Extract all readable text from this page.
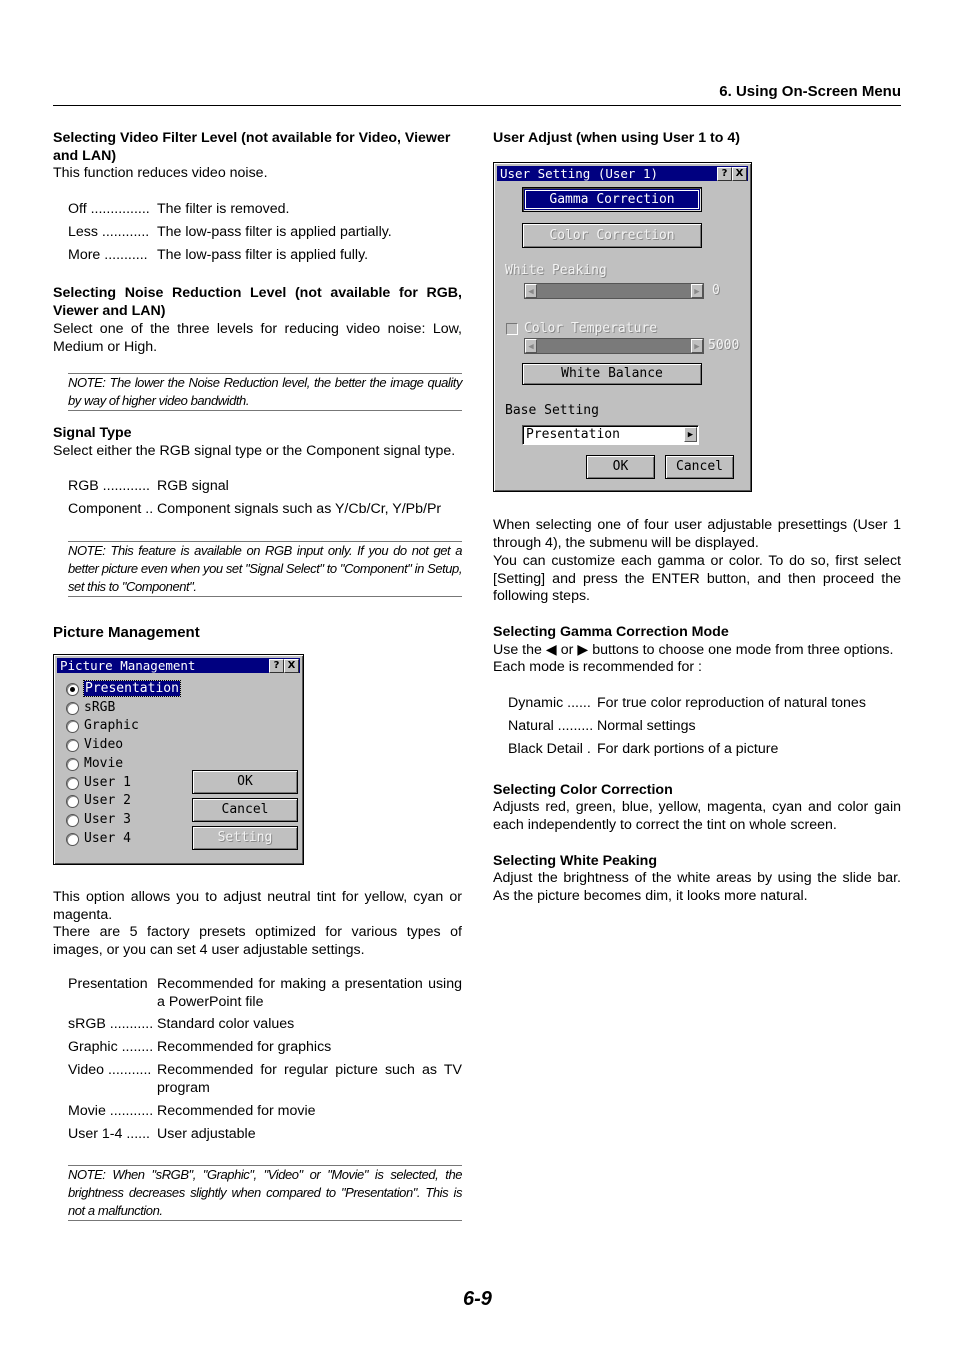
6. Using On-Screen Menu
Selecting Video Filter Level (not available for Video, Viewer and LAN)
This function reduces video noise.
Off ............... The filter is removed.
Less ............ The low-pass filter is applied partially.
More ........... The low-pass filter is applied fully.
Selecting Noise Reduction Level (not available for RGB, Viewer and LAN)
Select one of the three levels for reducing video noise: Low, Medium or High.
NOTE: The lower the Noise Reduction level, the better the image quality by way of higher video bandwidth.
Signal Type
Select either the RGB signal type or the Component signal type.
RGB ............ RGB signal
Component .. Component signals such as Y/Cb/Cr, Y/Pb/Pr
NOTE: This feature is available on RGB input only. If you do not get a better picture even when you set "Signal Select" to "Component" in Setup, set this to "Component".
Picture Management
Picture Management	? X
Presentation
sRGB
Graphic
Video
Movie
User 1
User 2
User 3
User 4
OK
Cancel
Setting
This option allows you to adjust neutral tint for yellow, cyan or magenta.
There are 5 factory presets optimized for various types of images, or you can set 4 user adjustable settings.
Presentation Recommended for making a presentation using a PowerPoint file
sRGB ........... Standard color values
Graphic ........ Recommended for graphics
Video ........... Recommended for regular picture such as TV program
Movie ........... Recommended for movie
User 1-4 ...... User adjustable
NOTE: When "sRGB", "Graphic", "Video" or "Movie" is selected, the brightness decreases slightly when compared to "Presentation". This is not a malfunction.
User Adjust (when using User 1 to 4)
User Setting (User 1)	? X
Gamma Correction
Color Correction
White Peaking
◀	▶ 0
Color Temperature
◀	▶ 5000
White Balance
Base Setting
Presentation	▶
OK	Cancel
When selecting one of four user adjustable presettings (User 1 through 4), the submenu will be displayed.
You can customize each gamma or color. To do so, first select [Setting] and press the ENTER button, and then proceed the following steps.
Selecting Gamma Correction Mode
Use the ◀ or ▶ buttons to choose one mode from three options.
Each mode is recommended for :
Dynamic ...... For true color reproduction of natural tones
Natural ......... Normal settings
Black Detail . For dark portions of a picture
Selecting Color Correction
Adjusts red, green, blue, yellow, magenta, cyan and color gain each independently to correct the tint on whole screen.
Selecting White Peaking
Adjust the brightness of the white areas by using the slide bar. As the picture becomes dim, it looks more natural.
6-9
